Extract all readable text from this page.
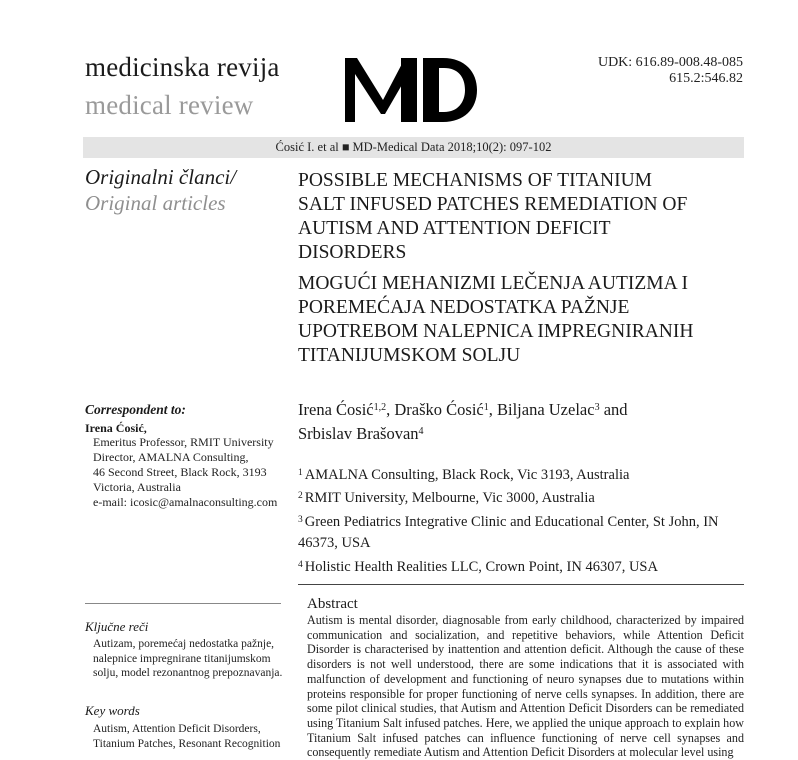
medicinska revija
medical review
UDK: 616.89-008.48-085
615.2:546.82
Ćosić I. et al ■ MD-Medical Data 2018;10(2): 097-102
Originalni članci/
Original articles
POSSIBLE MECHANISMS OF TITANIUM
SALT INFUSED PATCHES REMEDIATION OF
AUTISM AND ATTENTION DEFICIT
DISORDERS
MOGUĆI MEHANIZMI LEČENJA AUTIZMA I
POREMEĆAJA NEDOSTATKA PAŽNJE
UPOTREBOM NALEPNICA IMPREGNIRANIH
TITANIJUMSKOM SOLJU
Correspondent to:
Irena Ćosić,
Emeritus Professor, RMIT University
Director, AMALNA Consulting,
46 Second Street, Black Rock, 3193
Victoria, Australia
e-mail: icosic@amalnaconsulting.com
Irena Ćosić$^{1,2}$, Draško Ćosić$^1$, Biljana Uzelac$^3$ and
Srbislav Brašovan$^4$
$^1$ AMALNA Consulting, Black Rock, Vic 3193, Australia
$^2$ RMIT University, Melbourne, Vic 3000, Australia
$^3$ Green Pediatrics Integrative Clinic and Educational Center, St John, IN 46373, USA
$^4$ Holistic Health Realities LLC, Crown Point, IN 46307, USA
Abstract
Autism is mental disorder, diagnosable from early childhood, characterized by impaired communication and socialization, and repetitive behaviors, while Attention Deficit Disorder is characterised by inattention and attention deficit. Although the cause of these disorders is not well understood, there are some indications that it is associated with malfunction of development and functioning of neuro synapses due to mutations within proteins responsible for proper functioning of nerve cells synapses. In addition, there are some pilot clinical studies, that Autism and Attention Deficit Disorders can be remediated using Titanium Salt infused patches. Here, we applied the unique approach to explain how Titanium Salt infused patches can influence functioning of nerve cell synapses and consequently remediate Autism and Attention Deficit Disorders at molecular level using
Ključne reči
Autizam, poremećaj nedostatka pažnje, nalepnice impregnirane titanijumskom solju, model rezonantnog prepoznavanja.
Key words
Autism, Attention Deficit Disorders, Titanium Patches, Resonant Recognition
